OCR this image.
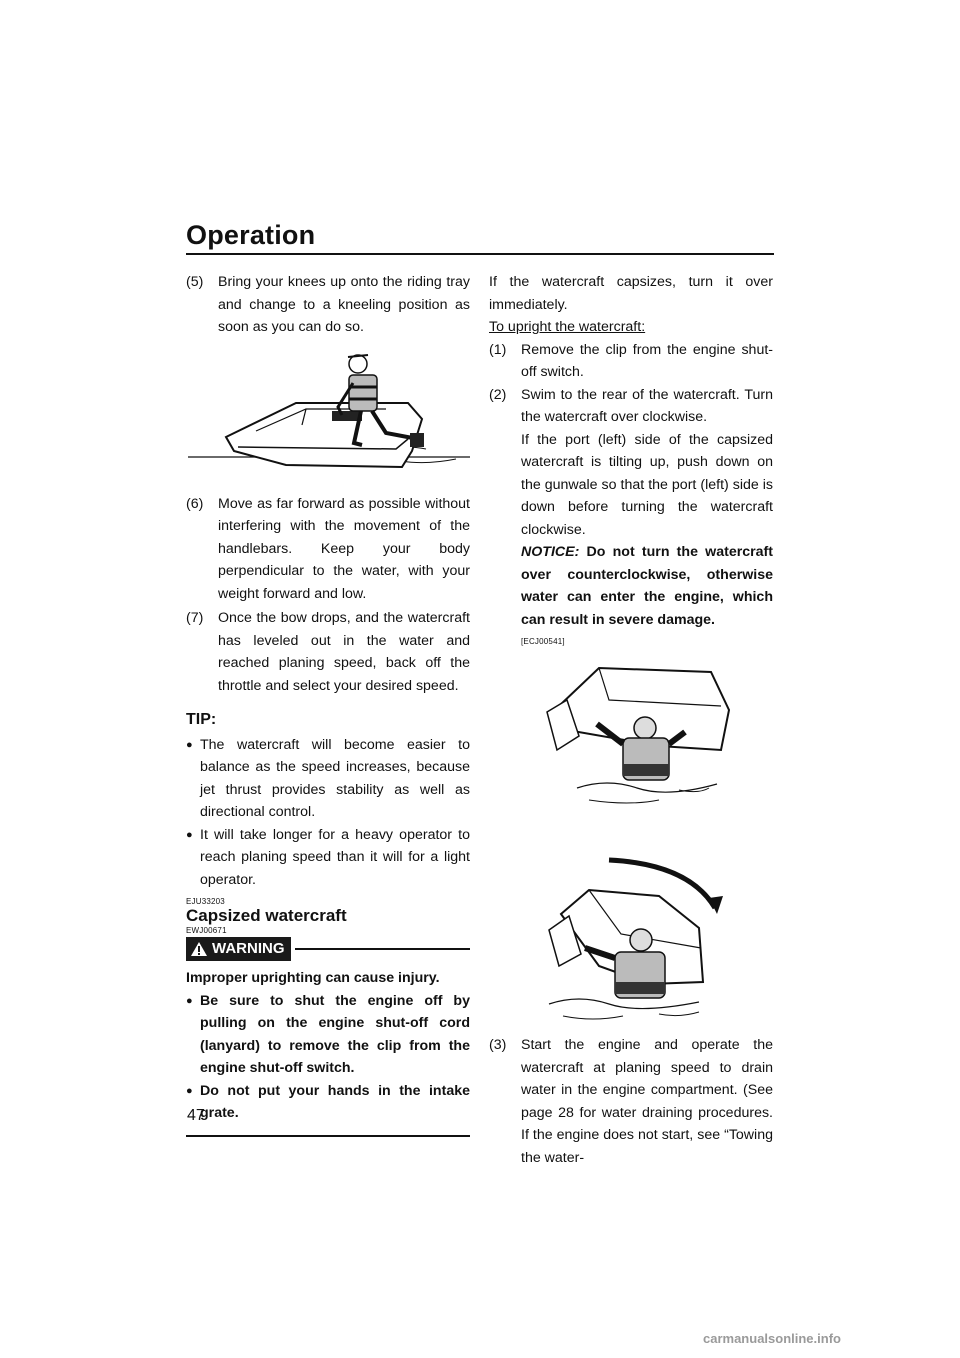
Operation
(5) Bring your knees up onto the riding tray and change to a kneeling position as soon as you can do so.

(6) Move as far forward as possible without interfering with the movement of the handlebars. Keep your body perpendicular to the water, with your weight forward and low.

(7) Once the bow drops, and the watercraft has leveled out in the water and reached planing speed, back off the throttle and select your desired speed.

TIP:
● The watercraft will become easier to balance as the speed increases, because jet thrust provides stability as well as directional control.
● It will take longer for a heavy operator to reach planing speed than it will for a light operator.
EJU33203
Capsized watercraft
EWJ00671
WARNING
Improper uprighting can cause injury.
● Be sure to shut the engine off by pulling on the engine shut-off cord (lanyard) to remove the clip from the engine shut-off switch.
● Do not put your hands in the intake grate.

If the watercraft capsizes, turn it over immediately.

To upright the watercraft:
(1) Remove the clip from the engine shut-off switch.

(2) Swim to the rear of the watercraft. Turn the watercraft over clockwise.

If the port (left) side of the capsized watercraft is tilting up, push down on the gunwale so that the port (left) side is down before turning the watercraft clockwise.

NOTICE: Do not turn the watercraft over counterclockwise, otherwise water can enter the engine, which can result in severe damage.

[ECJ00541]
(3) Start the engine and operate the watercraft at planing speed to drain water in the engine compartment. (See page 28 for water draining procedures. If the engine does not start, see “Towing the water-

47
carmanualsonline.info
